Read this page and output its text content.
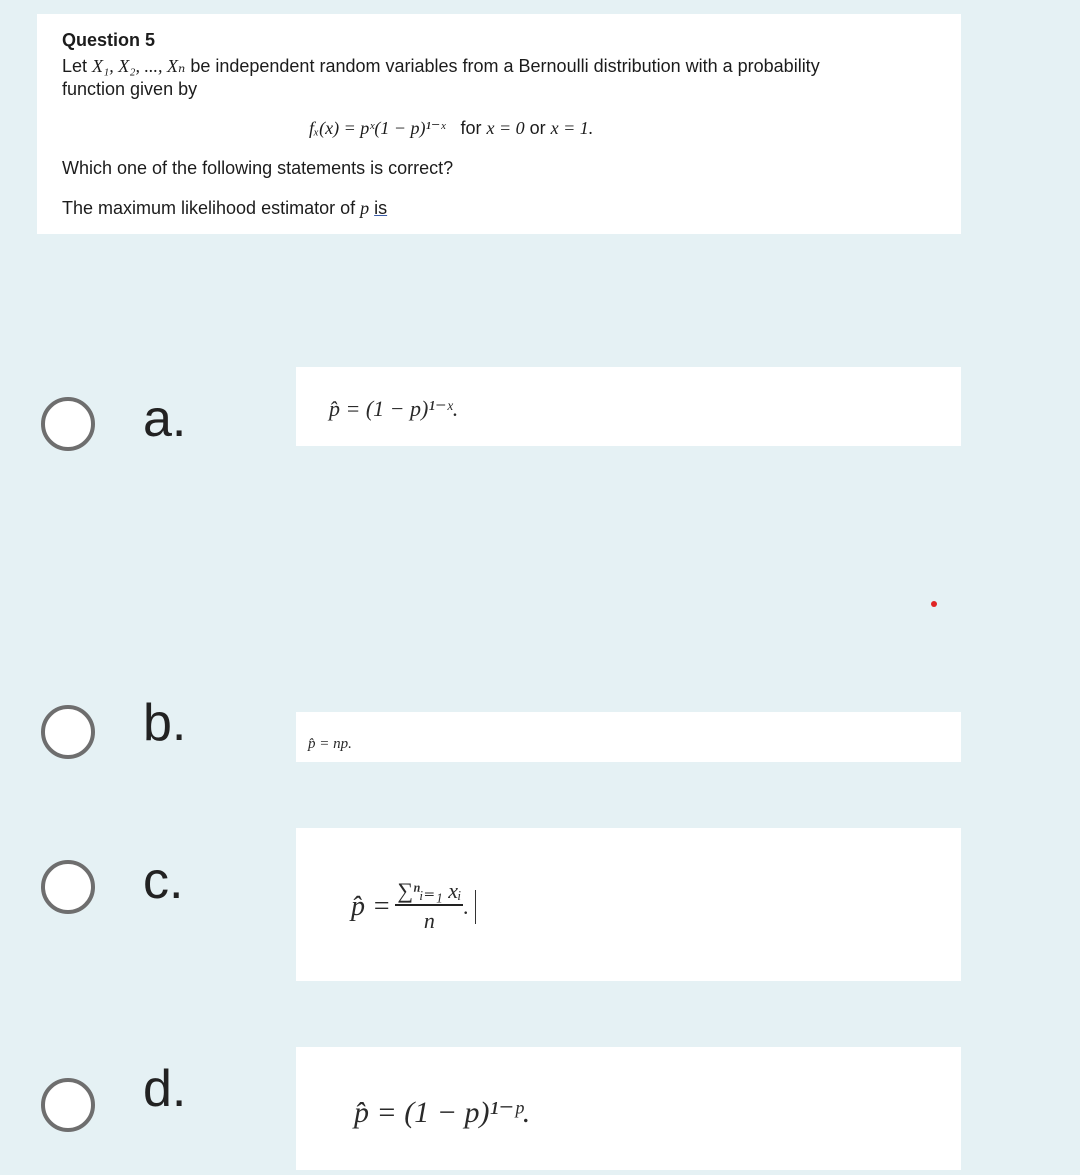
Question 5
Let X₁, X₂, ..., Xₙ be independent random variables from a Bernoulli distribution with a probability
function given by
fₓ(x) = pˣ(1 − p)¹⁻ˣ for x = 0 or x = 1.
Which one of the following statements is correct?
The maximum likelihood estimator of p is
a.	p̂ = (1 − p)¹⁻ˣ.
b.	p̂ = np.
c.	p̂ = $\frac{\text{∑ⁿᵢ₌₁ xᵢ}}{n}$ .
d.	p̂ = (1 − p)¹⁻ᵖ.
